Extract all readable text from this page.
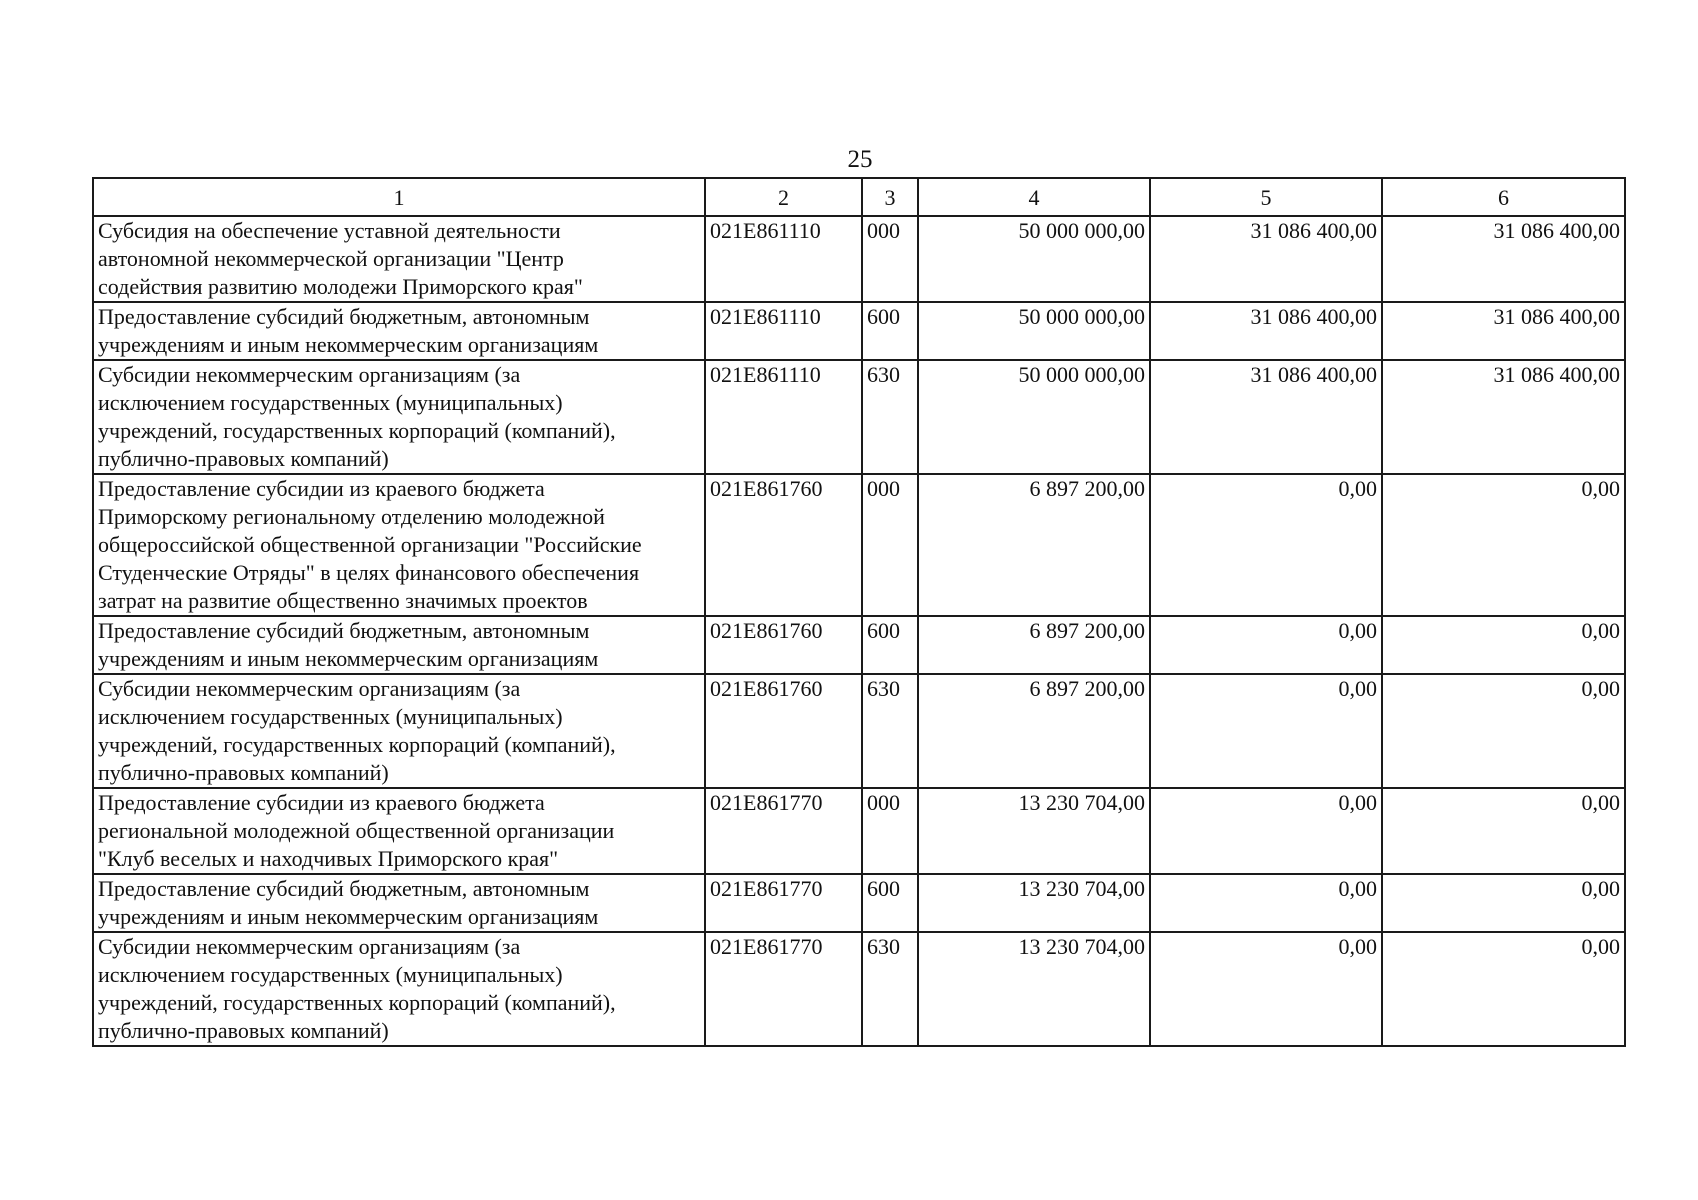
25
1	2	3	4	5	6
Субсидия на обеспечение уставной деятельности
автономной некоммерческой организации "Центр
содействия развитию молодежи Приморского края"	021E861110	000	50 000 000,00	31 086 400,00	31 086 400,00
Предоставление субсидий бюджетным, автономным
учреждениям и иным некоммерческим организациям	021E861110	600	50 000 000,00	31 086 400,00	31 086 400,00
Субсидии некоммерческим организациям (за
исключением государственных (муниципальных)
учреждений, государственных корпораций (компаний),
публично-правовых компаний)	021E861110	630	50 000 000,00	31 086 400,00	31 086 400,00
Предоставление субсидии из краевого бюджета
Приморскому региональному отделению молодежной
общероссийской общественной организации "Российские
Студенческие Отряды" в целях финансового обеспечения
затрат на развитие общественно значимых проектов	021E861760	000	6 897 200,00	0,00	0,00
Предоставление субсидий бюджетным, автономным
учреждениям и иным некоммерческим организациям	021E861760	600	6 897 200,00	0,00	0,00
Субсидии некоммерческим организациям (за
исключением государственных (муниципальных)
учреждений, государственных корпораций (компаний),
публично-правовых компаний)	021E861760	630	6 897 200,00	0,00	0,00
Предоставление субсидии из краевого бюджета
региональной молодежной общественной организации
"Клуб веселых и находчивых Приморского края"	021E861770	000	13 230 704,00	0,00	0,00
Предоставление субсидий бюджетным, автономным
учреждениям и иным некоммерческим организациям	021E861770	600	13 230 704,00	0,00	0,00
Субсидии некоммерческим организациям (за
исключением государственных (муниципальных)
учреждений, государственных корпораций (компаний),
публично-правовых компаний)	021E861770	630	13 230 704,00	0,00	0,00
